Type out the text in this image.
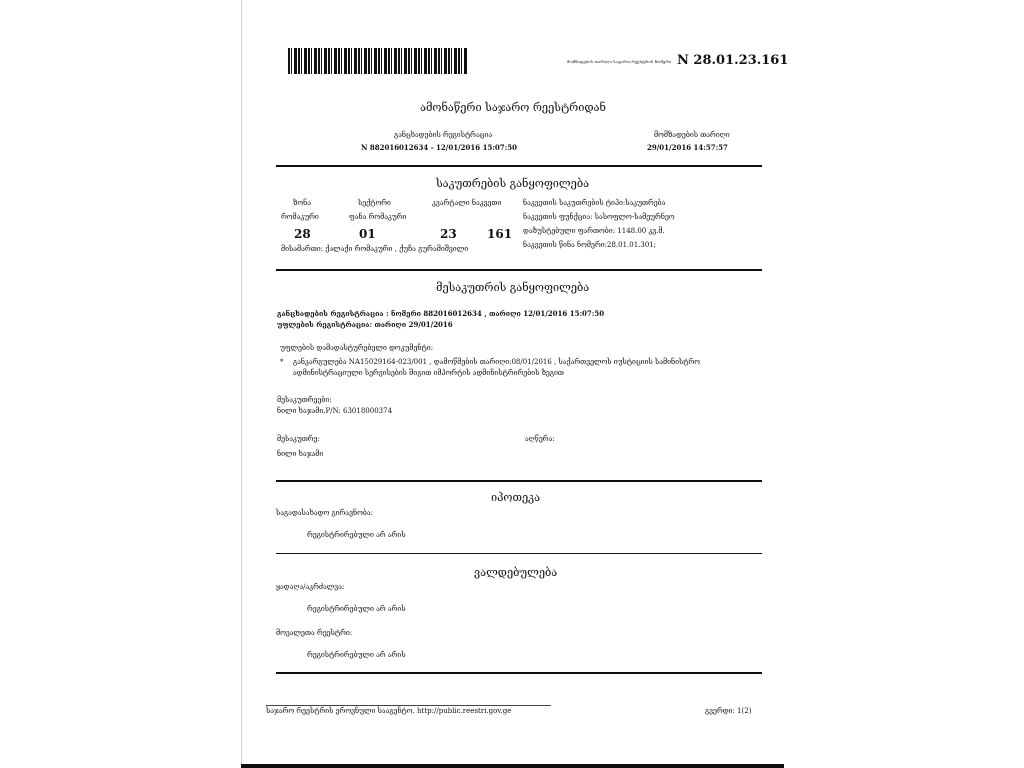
მომზადების თარიღი საჯარო რეესტრის ნომერი N 28.01.23.161
ამონაწერი საჯარო რეესტრიდან
განცხადების რეგისტრაცია
N 882016012634 - 12/01/2016 15:07:50
მომზადების თარიღი
29/01/2016 14:57:57
საკუთრების განყოფილება
ზონა
რომაკური
28
სექტორი
ფანა რომაკური
01
კვარტალი ნაკვეთი
23	161
ნაკვეთის საკუთრების ტიპი:საკუთრება
ნაკვეთის ფუნქცია: სასოფლო-სამეურნეო
დაზუსტებული ფართობი: 1148.00 კვ.მ.
ნაკვეთის წინა ნომერი:28.01.01.301;
მისამართი: ქალაქი რომაკური , ქუჩა გურამიშვილი
მესაკუთრის განყოფილება
განცხადების რეგისტრაცია : ნომერი 882016012634 , თარიღი 12/01/2016 15:07:50
უფლების რეგისტრაცია: თარიღი 29/01/2016
უფლების დამადასტურებელი დოკუმენტი:
* განკარგულება NA15029164-023/001 , დამოწმების თარიღი:08/01/2016 , საქართველოს იუსტიციის სამინისტრო
ადმინისტრაციული სერვისების შიგით იმპორტის ადმინისტრირების ზეგით
მესაკუთრეები:
ნილი ხაჯამი,P/N: 63018000374
მესაკუთრე:
ნილი ხაჯამი
აღწერა:
იპოთეკა
საგადასახადო გირავნობა:
რეგისტრირებული არ არის
ვალდებულება
ყადაღა/აკრძალვა:
რეგისტრირებული არ არის
მოვალეთა რეესტრი:
რეგისტრირებული არ არის
საჯარო რეესტრის ეროვნული სააგენტო. http://public.reestri.gov.ge	გვერდი: 1(2)
